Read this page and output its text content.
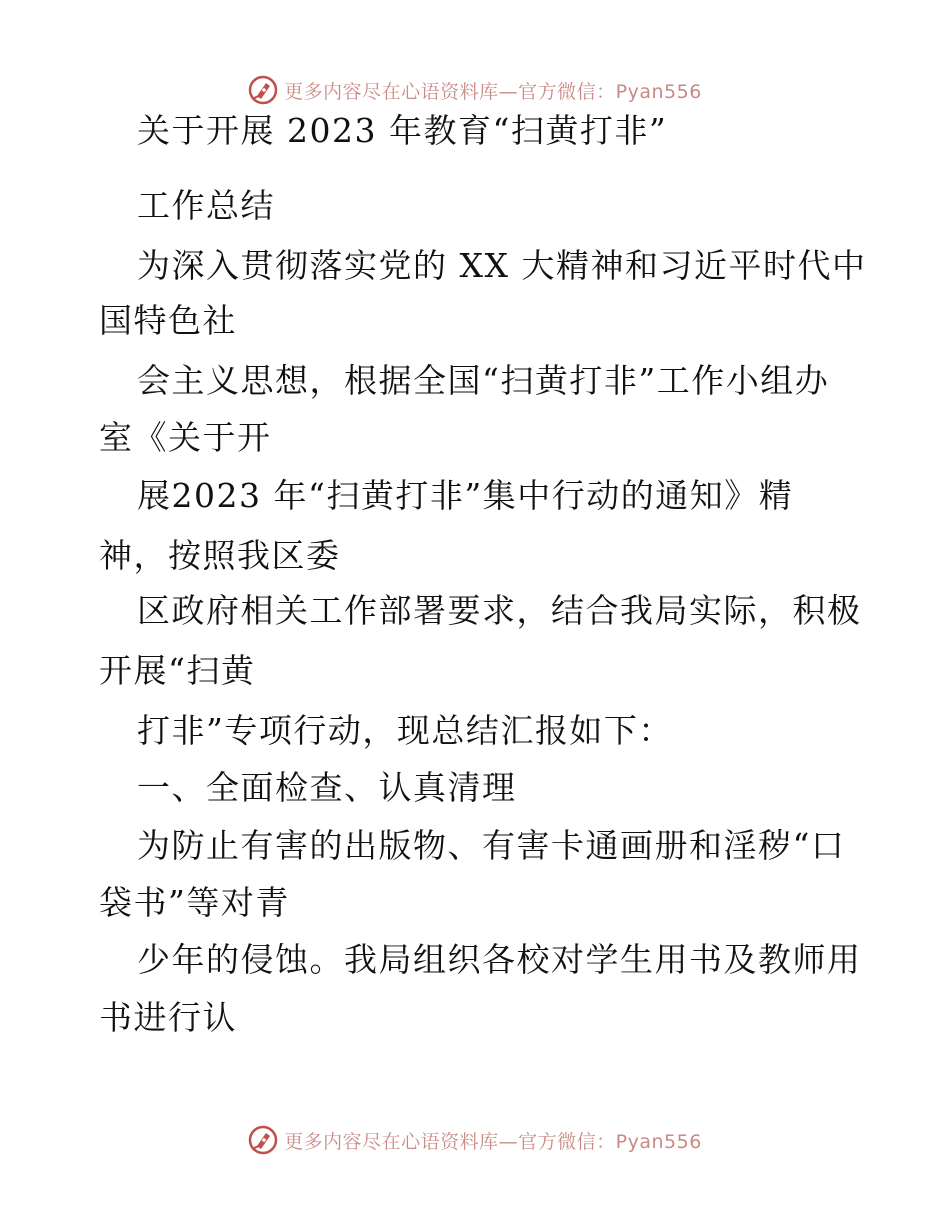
更多内容尽在心语资料库—官方微信：Pyan556
关于开展 2023 年教育“扫黄打非”
工作总结
为深入贯彻落实党的 XX 大精神和习近平时代中
国特色社
会主义思想，根据全国“扫黄打非”工作小组办
室《关于开
展2023 年“扫黄打非”集中行动的通知》精
神，按照我区委
区政府相关工作部署要求，结合我局实际，积极
开展“扫黄
打非”专项行动，现总结汇报如下：
一、全面检查、认真清理
为防止有害的出版物、有害卡通画册和淫秽“口
袋书”等对青
少年的侵蚀。我局组织各校对学生用书及教师用
书进行认
更多内容尽在心语资料库—官方微信：Pyan556
